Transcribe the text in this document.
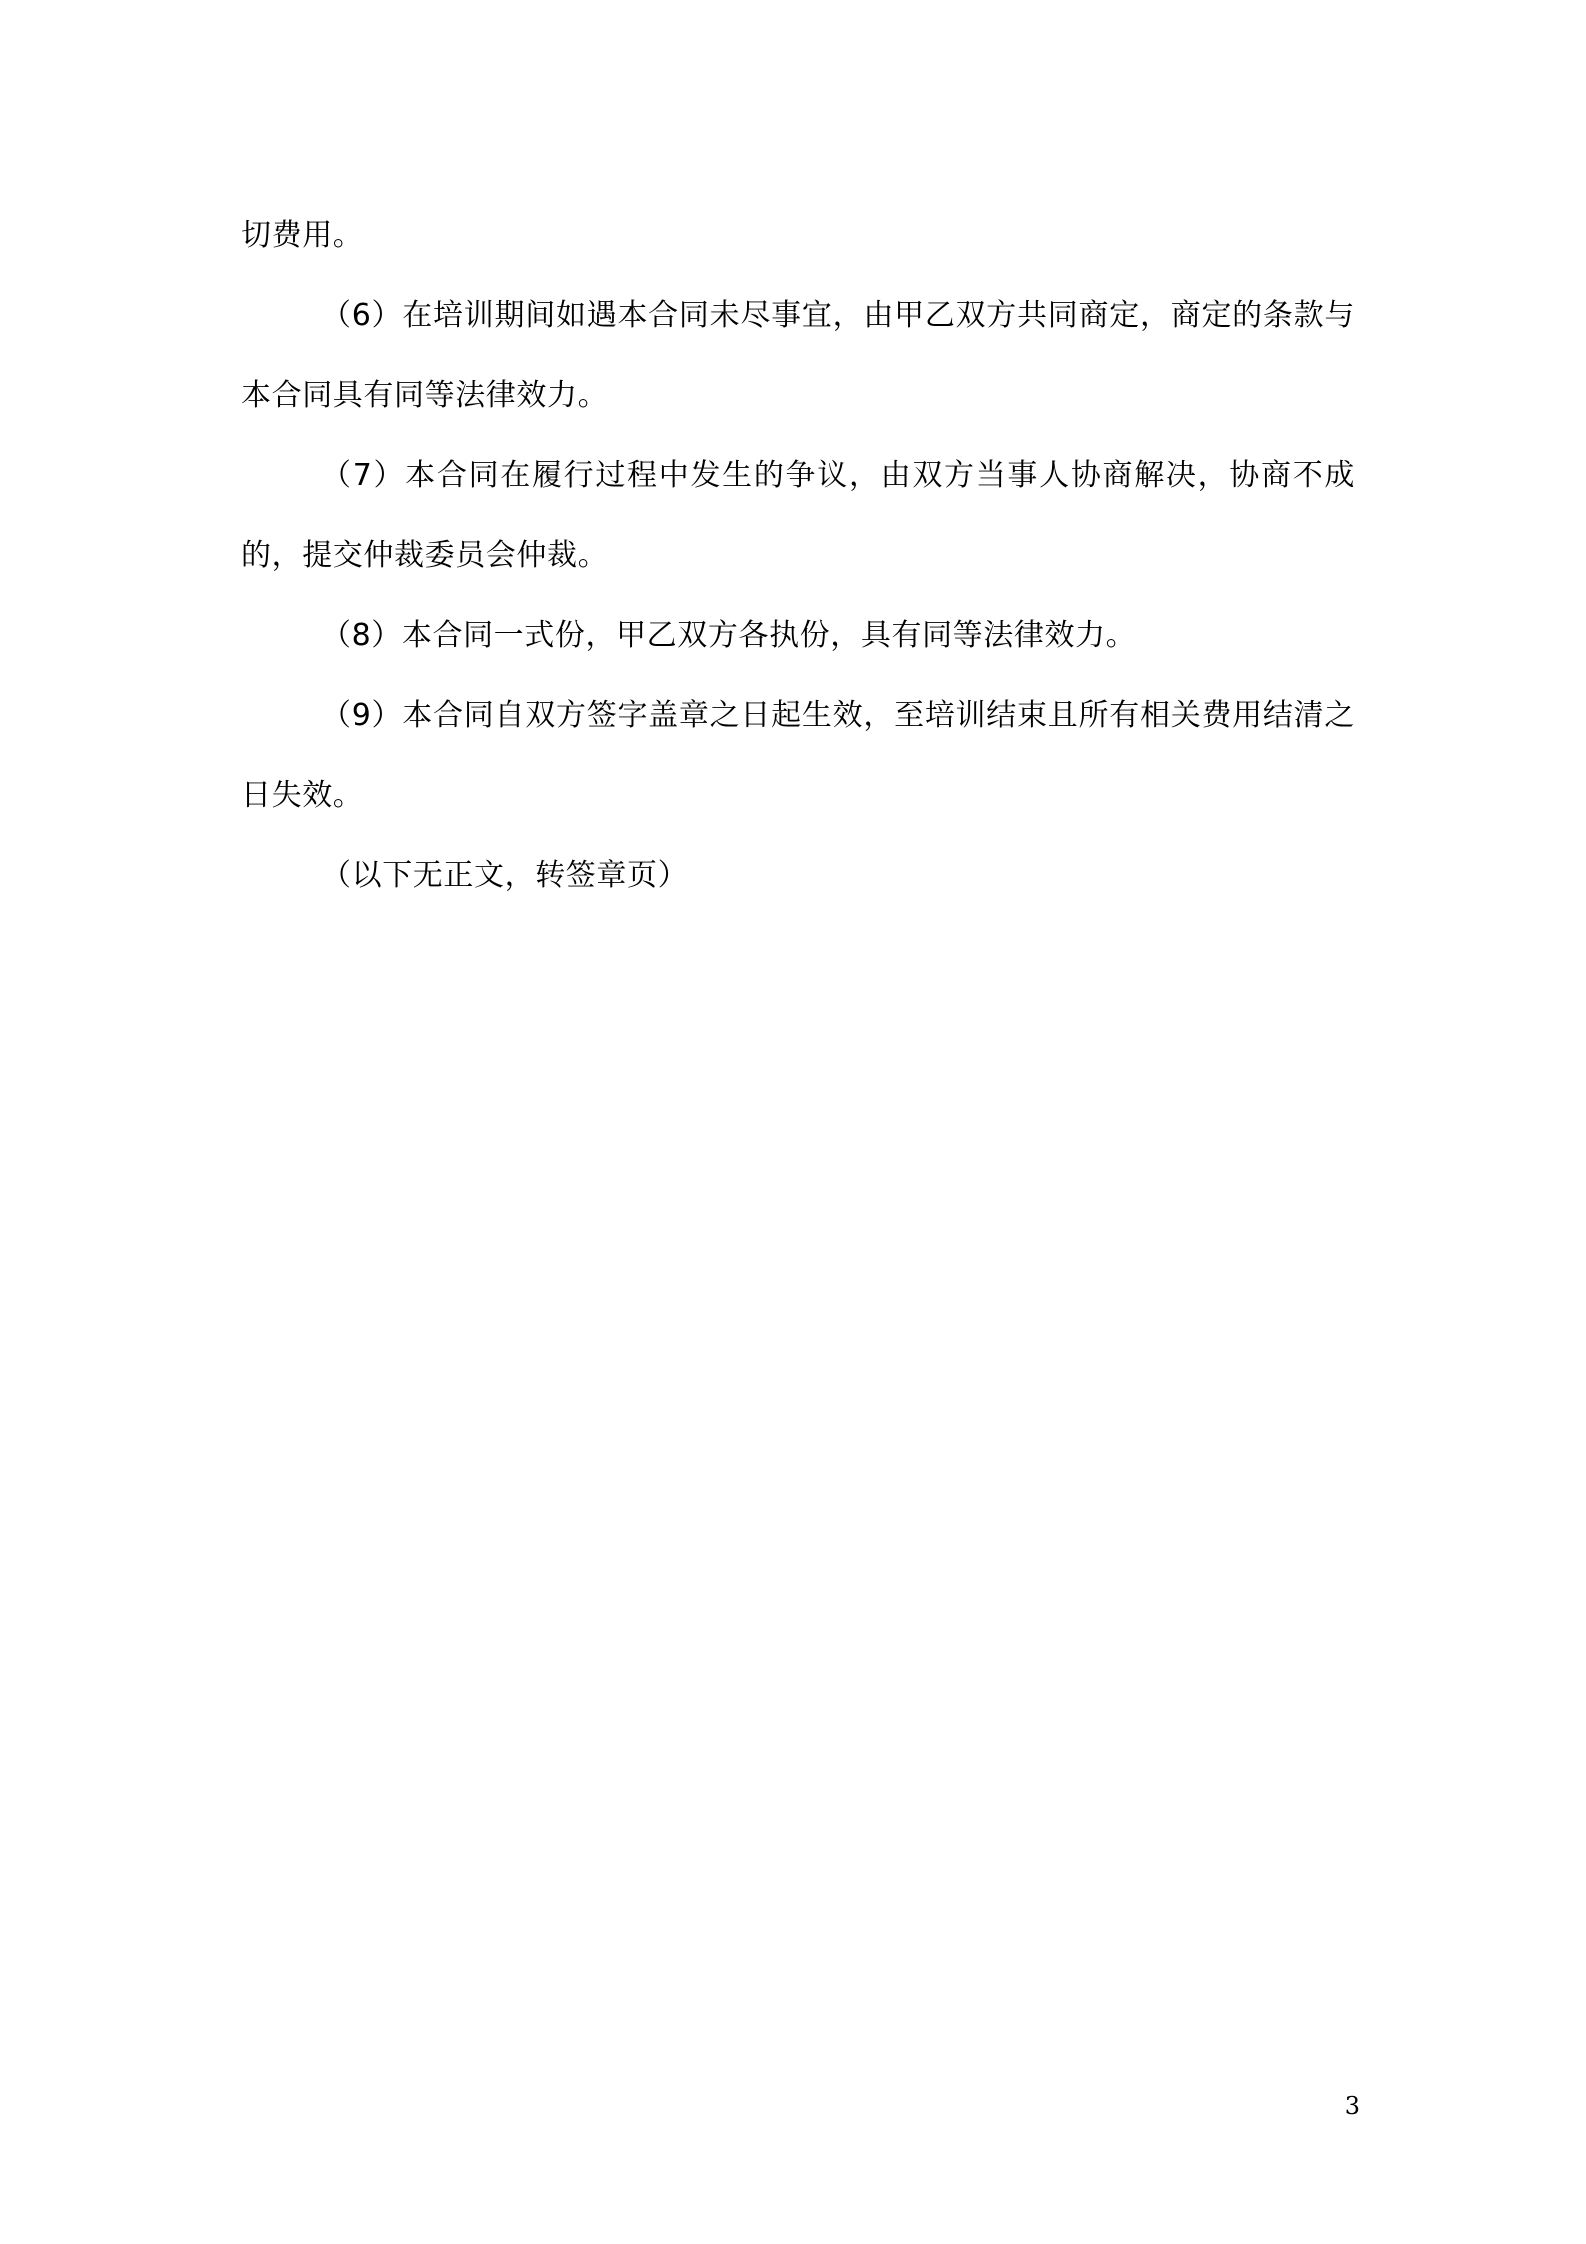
切费用。

（6）在培训期间如遇本合同未尽事宜，由甲乙双方共同商定，商定的条款与本合同具有同等法律效力。

（7）本合同在履行过程中发生的争议，由双方当事人协商解决，协商不成的，提交仲裁委员会仲裁。

（8）本合同一式份，甲乙双方各执份，具有同等法律效力。

（9）本合同自双方签字盖章之日起生效，至培训结束且所有相关费用结清之日失效。

（以下无正文，转签章页）

3
